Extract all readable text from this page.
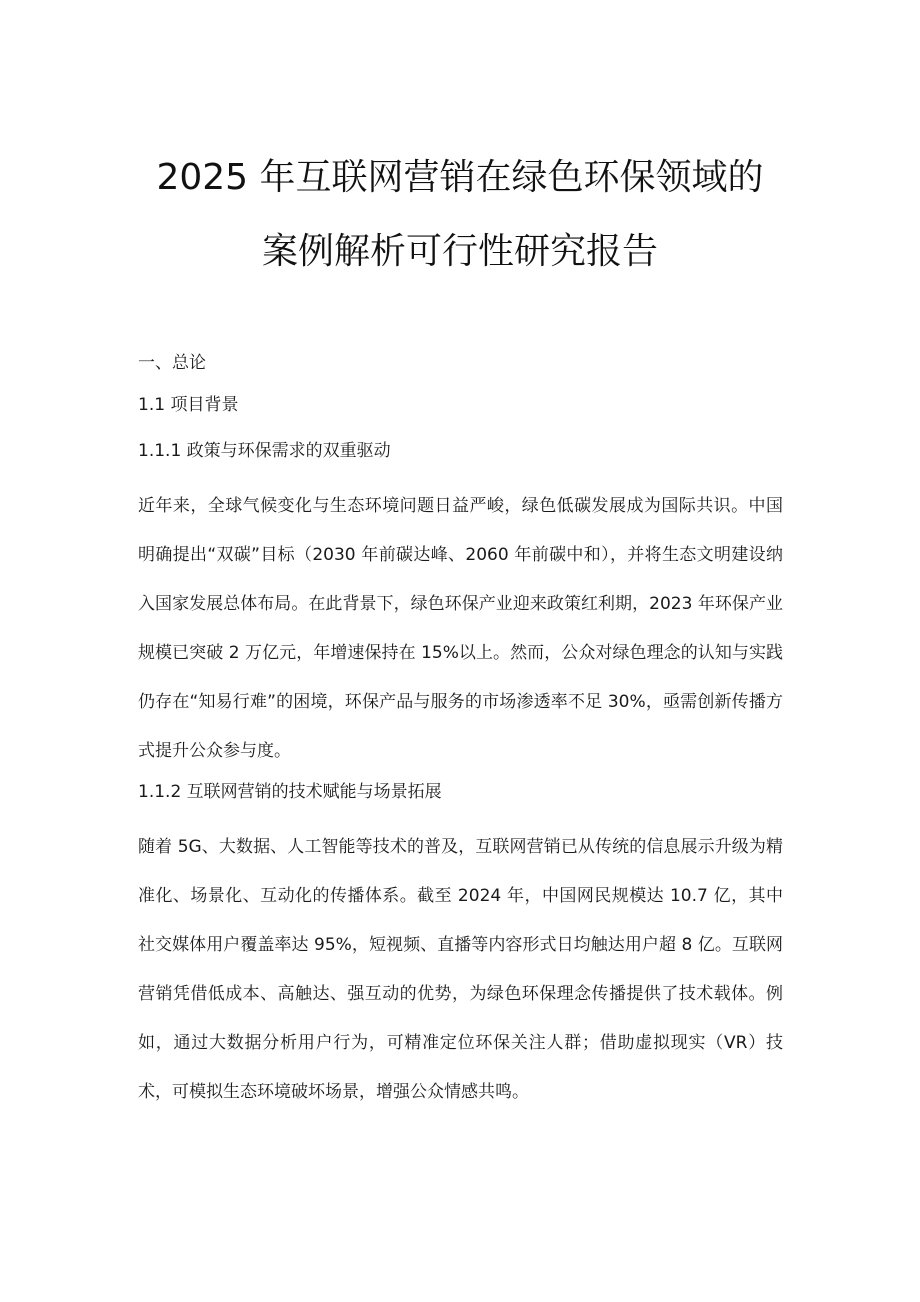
2025 年互联网营销在绿色环保领域的
案例解析可行性研究报告

一、总论

1.1 项目背景

1.1.1 政策与环保需求的双重驱动

近年来，全球气候变化与生态环境问题日益严峻，绿色低碳发展成为国际共识。中国明确提出“双碳”目标（2030 年前碳达峰、2060 年前碳中和），并将生态文明建设纳入国家发展总体布局。在此背景下，绿色环保产业迎来政策红利期，2023 年环保产业规模已突破 2 万亿元，年增速保持在 15%以上。然而，公众对绿色理念的认知与实践仍存在“知易行难”的困境，环保产品与服务的市场渗透率不足 30%，亟需创新传播方式提升公众参与度。

1.1.2 互联网营销的技术赋能与场景拓展

随着 5G、大数据、人工智能等技术的普及，互联网营销已从传统的信息展示升级为精准化、场景化、互动化的传播体系。截至 2024 年，中国网民规模达 10.7 亿，其中社交媒体用户覆盖率达 95%，短视频、直播等内容形式日均触达用户超 8 亿。互联网营销凭借低成本、高触达、强互动的优势，为绿色环保理念传播提供了技术载体。例如，通过大数据分析用户行为，可精准定位环保关注人群；借助虚拟现实（VR）技术，可模拟生态环境破坏场景，增强公众情感共鸣。
